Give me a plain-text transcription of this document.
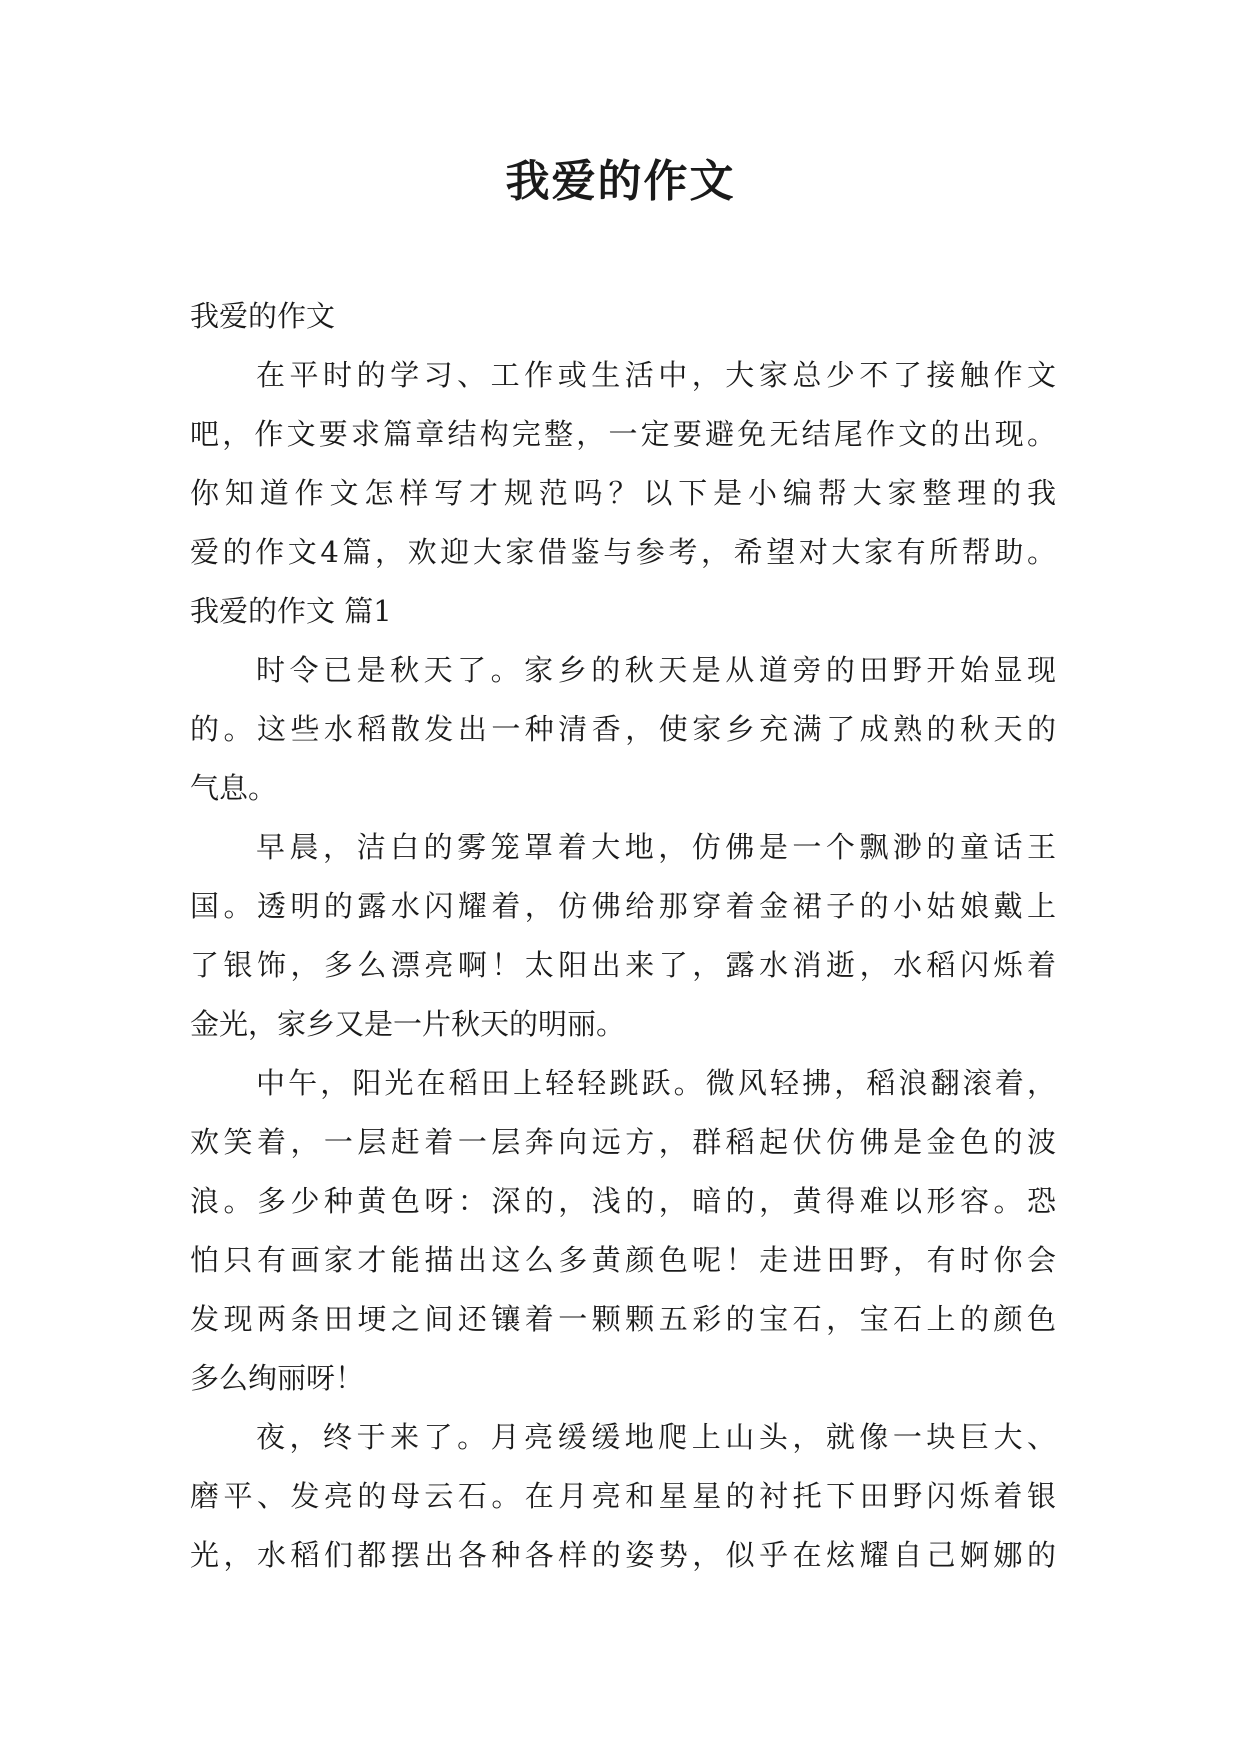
我爱的作文
我爱的作文
在平时的学习、工作或生活中，大家总少不了接触作文
吧，作文要求篇章结构完整，一定要避免无结尾作文的出现。
你知道作文怎样写才规范吗？以下是小编帮大家整理的我
爱的作文4篇，欢迎大家借鉴与参考，希望对大家有所帮助。
我爱的作文 篇1
时令已是秋天了。家乡的秋天是从道旁的田野开始显现
的。这些水稻散发出一种清香，使家乡充满了成熟的秋天的
气息。
早晨，洁白的雾笼罩着大地，仿佛是一个飘渺的童话王
国。透明的露水闪耀着，仿佛给那穿着金裙子的小姑娘戴上
了银饰，多么漂亮啊！太阳出来了，露水消逝，水稻闪烁着
金光，家乡又是一片秋天的明丽。
中午，阳光在稻田上轻轻跳跃。微风轻拂，稻浪翻滚着，
欢笑着，一层赶着一层奔向远方，群稻起伏仿佛是金色的波
浪。多少种黄色呀：深的，浅的，暗的，黄得难以形容。恐
怕只有画家才能描出这么多黄颜色呢！走进田野，有时你会
发现两条田埂之间还镶着一颗颗五彩的宝石，宝石上的颜色
多么绚丽呀！
夜，终于来了。月亮缓缓地爬上山头，就像一块巨大、
磨平、发亮的母云石。在月亮和星星的衬托下田野闪烁着银
光，水稻们都摆出各种各样的姿势，似乎在炫耀自己婀娜的
